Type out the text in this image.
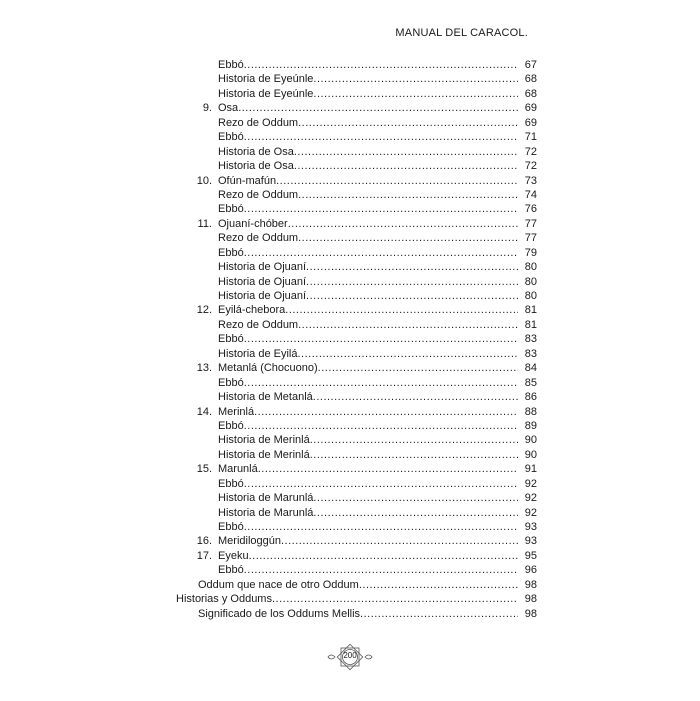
MANUAL DEL CARACOL.
Ebbó .....	67
Historia de Eyeúnle .....	68
Historia de Eyeúnle .....	68
9. Osa .....	69
Rezo de Oddum .....	69
Ebbó .....	71
Historia de Osa .....	72
Historia de Osa .....	72
10. Ofún-mafún .....	73
Rezo de Oddum .....	74
Ebbó .....	76
11. Ojuaní-chóber .....	77
Rezo de Oddum .....	77
Ebbó .....	79
Historia de Ojuaní .....	80
Historia de Ojuaní .....	80
Historia de Ojuaní .....	80
12. Eyilá-chebora .....	81
Rezo de Oddum .....	81
Ebbó .....	83
Historia de Eyilá .....	83
13. Metanlá (Chocuono) .....	84
Ebbó .....	85
Historia de Metanlá .....	86
14. Merinlá .....	88
Ebbó .....	89
Historia de Merinlá .....	90
Historia de Merinlá .....	90
15. Marunlá .....	91
Ebbó .....	92
Historia de Marunlá .....	92
Historia de Marunlá .....	92
Ebbó .....	93
16. Meridiloggún .....	93
17. Eyeku .....	95
Ebbó .....	96
Oddum que nace de otro Oddum .....	98
Historias y Oddums .....	98
Significado de los Oddums Mellis .....	98
200
